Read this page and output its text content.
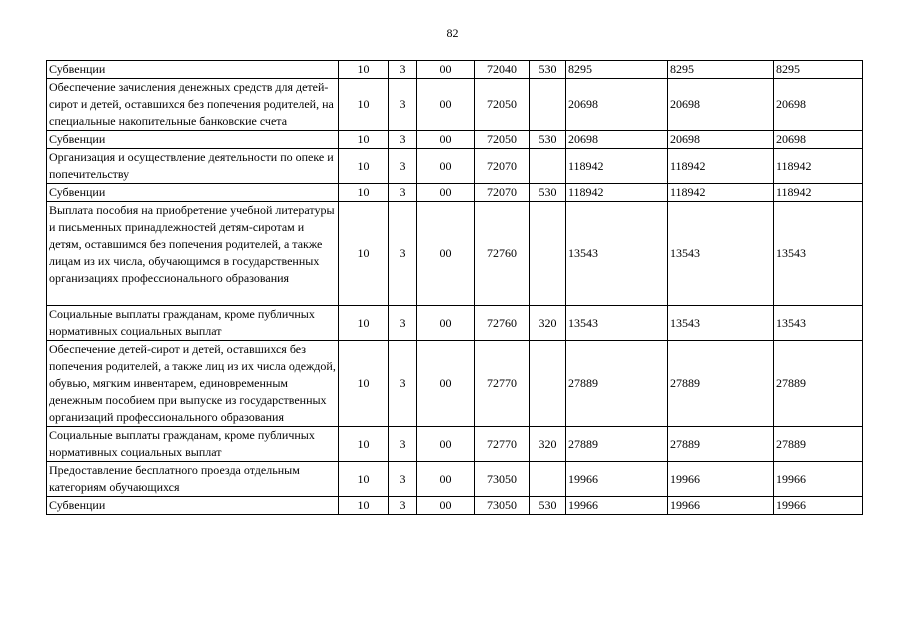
82
Субвенции	10	3	00	72040	530	8295	8295	8295
Обеспечение зачисления денежных средств для детей-сирот и детей, оставшихся без попечения родителей, на специальные накопительные банковские счета	10	3	00	72050		20698	20698	20698
Субвенции	10	3	00	72050	530	20698	20698	20698
Организация и осуществление деятельности по опеке и попечительству	10	3	00	72070		118942	118942	118942
Субвенции	10	3	00	72070	530	118942	118942	118942
Выплата пособия на приобретение учебной литературы и письменных принадлежностей детям-сиротам и детям, оставшимся без попечения родителей, а также лицам из их числа, обучающимся в государственных организациях профессионального образования	10	3	00	72760		13543	13543	13543
Социальные выплаты гражданам, кроме публичных нормативных социальных выплат	10	3	00	72760	320	13543	13543	13543
Обеспечение детей-сирот и детей, оставшихся без попечения родителей, а также лиц из их числа одеждой, обувью, мягким инвентарем, единовременным денежным пособием при выпуске из государственных организаций профессионального образования	10	3	00	72770		27889	27889	27889
Социальные выплаты гражданам, кроме публичных нормативных социальных выплат	10	3	00	72770	320	27889	27889	27889
Предоставление бесплатного проезда отдельным категориям обучающихся	10	3	00	73050		19966	19966	19966
Субвенции	10	3	00	73050	530	19966	19966	19966
